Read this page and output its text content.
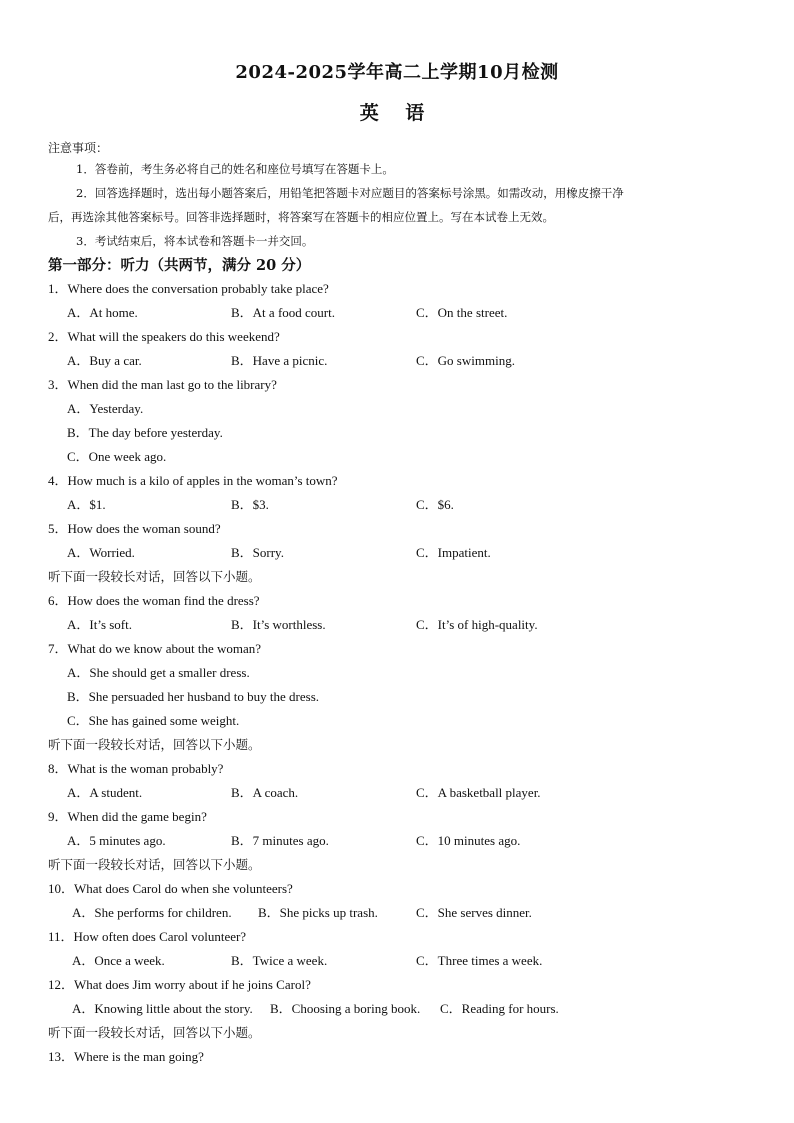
2024-2025学年高二上学期10月检测
英 语
注意事项：
1．答卷前，考生务必将自己的姓名和座位号填写在答题卡上。
2．回答选择题时，选出每小题答案后，用铅笔把答题卡对应题目的答案标号涂黑。如需改动，用橡皮擦干净
后，再选涂其他答案标号。回答非选择题时，将答案写在答题卡的相应位置上。写在本试卷上无效。
3．考试结束后，将本试卷和答题卡一并交回。
第一部分：听力（共两节，满分 20 分）
1．Where does the conversation probably take place?
A．At home.	B．At a food court.	C．On the street.
2．What will the speakers do this weekend?
A．Buy a car.	B．Have a picnic.	C．Go swimming.
3．When did the man last go to the library?
A．Yesterday.
B．The day before yesterday.
C．One week ago.
4．How much is a kilo of apples in the woman’s town?
A．$1.	B．$3.	C．$6.
5．How does the woman sound?
A．Worried.	B．Sorry.	C．Impatient.
听下面一段较长对话，回答以下小题。
6．How does the woman find the dress?
A．It’s soft.	B．It’s worthless.	C．It’s of high-quality.
7．What do we know about the woman?
A．She should get a smaller dress.
B．She persuaded her husband to buy the dress.
C．She has gained some weight.
听下面一段较长对话，回答以下小题。
8．What is the woman probably?
A．A student.	B．A coach.	C．A basketball player.
9．When did the game begin?
A．5 minutes ago.	B．7 minutes ago.	C．10 minutes ago.
听下面一段较长对话，回答以下小题。
10．What does Carol do when she volunteers?
A．She performs for children. B．She picks up trash.	C．She serves dinner.
11．How often does Carol volunteer?
A．Once a week.	B．Twice a week.	C．Three times a week.
12．What does Jim worry about if he joins Carol?
A．Knowing little about the story. B．Choosing a boring book. C．Reading for hours.
听下面一段较长对话，回答以下小题。
13．Where is the man going?
